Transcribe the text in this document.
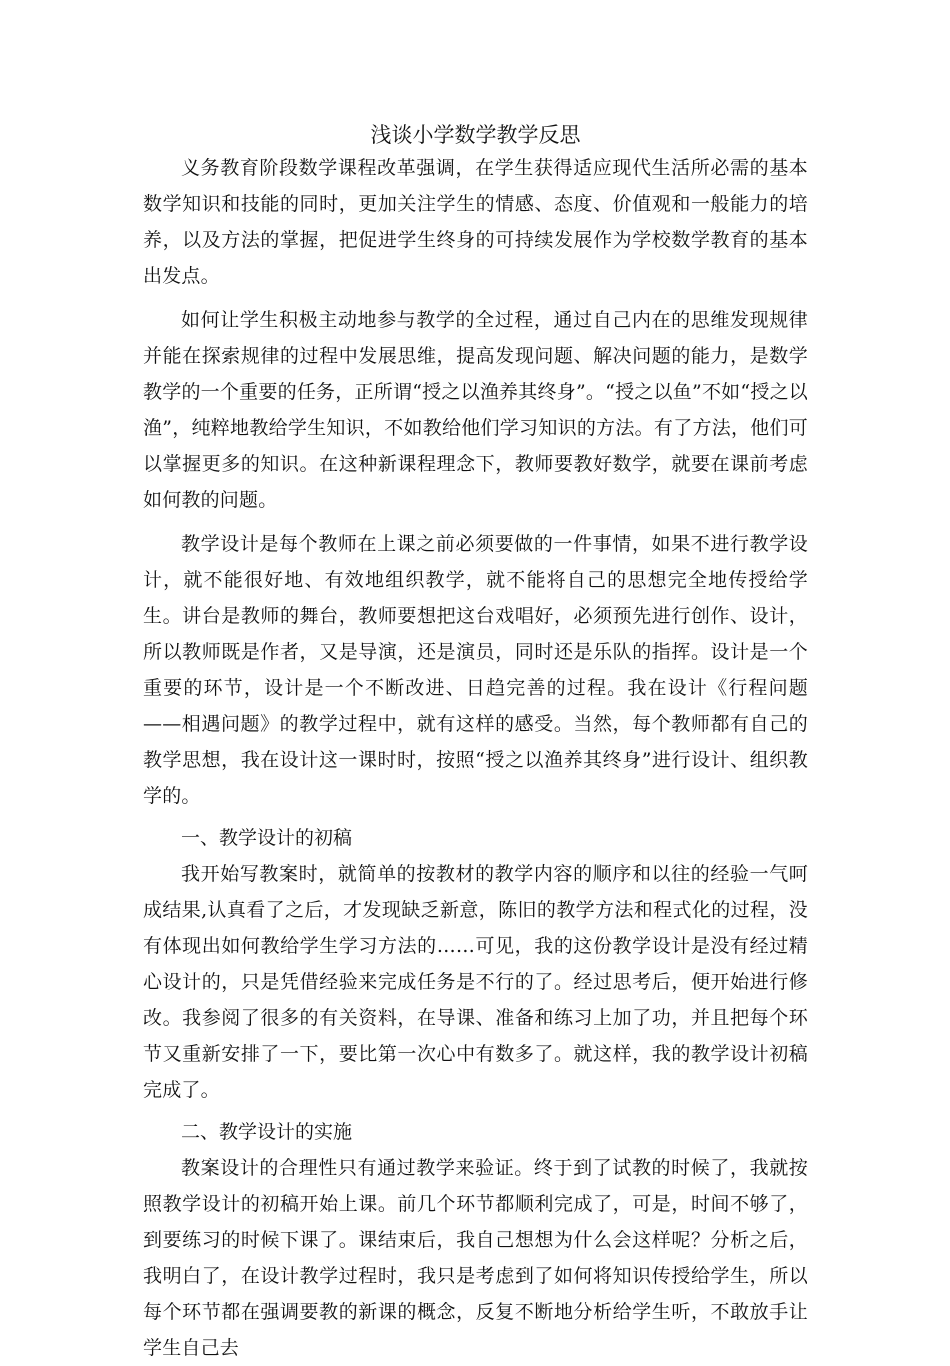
浅谈小学数学教学反思

义务教育阶段数学课程改革强调，在学生获得适应现代生活所必需的基本数学知识和技能的同时，更加关注学生的情感、态度、价值观和一般能力的培养，以及方法的掌握，把促进学生终身的可持续发展作为学校数学教育的基本出发点。

如何让学生积极主动地参与教学的全过程，通过自己内在的思维发现规律并能在探索规律的过程中发展思维，提高发现问题、解决问题的能力，是数学教学的一个重要的任务，正所谓“授之以渔养其终身”。“授之以鱼”不如“授之以渔”，纯粹地教给学生知识，不如教给他们学习知识的方法。有了方法，他们可以掌握更多的知识。在这种新课程理念下，教师要教好数学，就要在课前考虑如何教的问题。

教学设计是每个教师在上课之前必须要做的一件事情，如果不进行教学设计，就不能很好地、有效地组织教学，就不能将自己的思想完全地传授给学生。讲台是教师的舞台，教师要想把这台戏唱好，必须预先进行创作、设计，所以教师既是作者，又是导演，还是演员，同时还是乐队的指挥。设计是一个重要的环节，设计是一个不断改进、日趋完善的过程。我在设计《行程问题——相遇问题》的教学过程中，就有这样的感受。当然，每个教师都有自己的教学思想，我在设计这一课时时，按照“授之以渔养其终身”进行设计、组织教学的。

一、教学设计的初稿

我开始写教案时，就简单的按教材的教学内容的顺序和以往的经验一气呵成结果,认真看了之后，才发现缺乏新意，陈旧的教学方法和程式化的过程，没有体现出如何教给学生学习方法的……可见，我的这份教学设计是没有经过精心设计的，只是凭借经验来完成任务是不行的了。经过思考后，便开始进行修改。我参阅了很多的有关资料，在导课、准备和练习上加了功，并且把每个环节又重新安排了一下，要比第一次心中有数多了。就这样，我的教学设计初稿完成了。

二、教学设计的实施

教案设计的合理性只有通过教学来验证。终于到了试教的时候了，我就按照教学设计的初稿开始上课。前几个环节都顺利完成了，可是，时间不够了，到要练习的时候下课了。课结束后，我自己想想为什么会这样呢？分析之后，我明白了，在设计教学过程时，我只是考虑到了如何将知识传授给学生，所以每个环节都在强调要教的新课的概念，反复不断地分析给学生听，不敢放手让学生自己去
